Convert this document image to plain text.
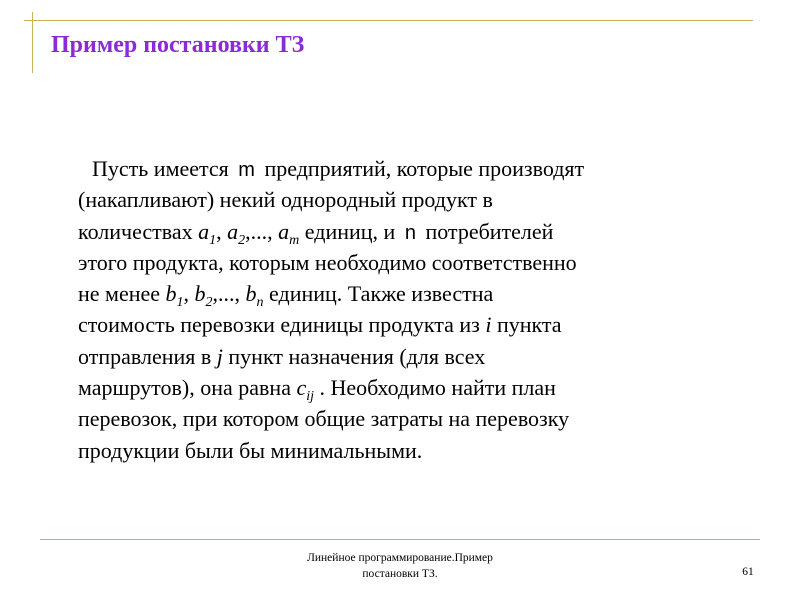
Пример постановки ТЗ
Пусть имеется m предприятий, которые производят
(накапливают) некий однородный продукт в
количествах $a_1$, $a_2$,..., $a_m$ единиц, и n потребителей
этого продукта, которым необходимо соответственно
не менее $b_1$, $b_2$,..., $b_n$ единиц. Также известна
стоимость перевозки единицы продукта из i пункта
отправления в j пункт назначения (для всех
маршрутов), она равна $c_{ij}$ . Необходимо найти план
перевозок, при котором общие затраты на перевозку
продукции были бы минимальными.
Линейное программирование.Пример
постановки ТЗ.	61
